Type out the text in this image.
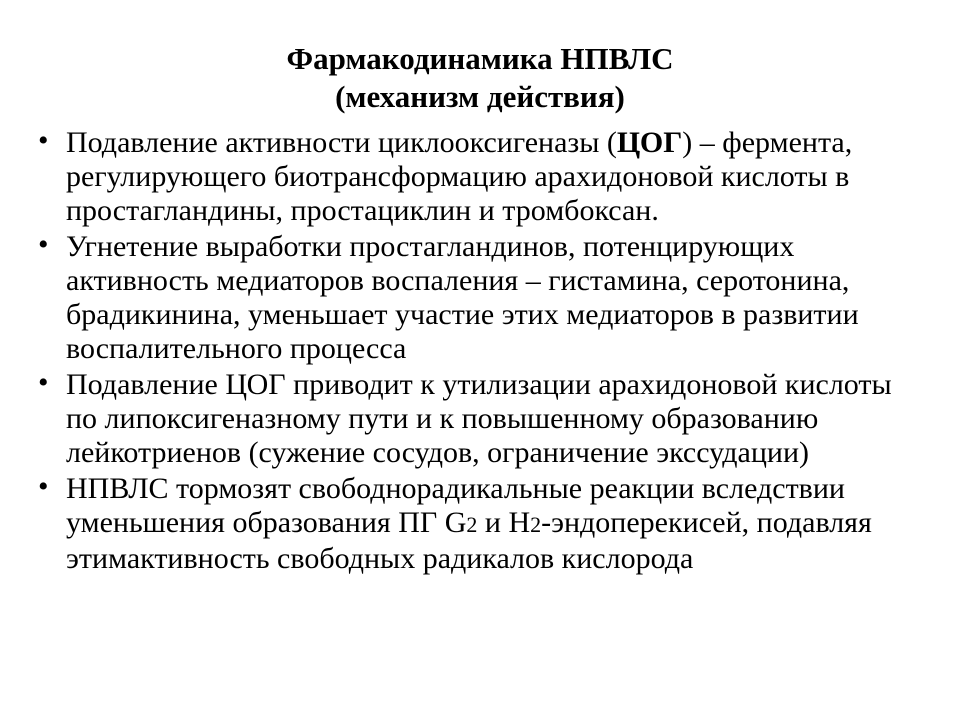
Фармакодинамика НПВЛС
(механизм действия)
• Подавление активности циклооксигеназы (ЦОГ) – фермента, регулирующего биотрансформацию арахидоновой кислоты в простагландины, простациклин и тромбоксан.
• Угнетение выработки простагландинов, потенцирующих активность медиаторов воспаления – гистамина, серотонина, брадикинина, уменьшает участие этих медиаторов в развитии воспалительного процесса
• Подавление ЦОГ приводит к утилизации арахидоновой кислоты по липоксигеназному пути и к повышенному образованию лейкотриенов (сужение сосудов, ограничение экссудации)
• НПВЛС тормозят свободнорадикальные реакции вследствии уменьшения образования ПГ G2 и H2-эндоперекисей, подавляя этимактивность свободных радикалов кислорода
